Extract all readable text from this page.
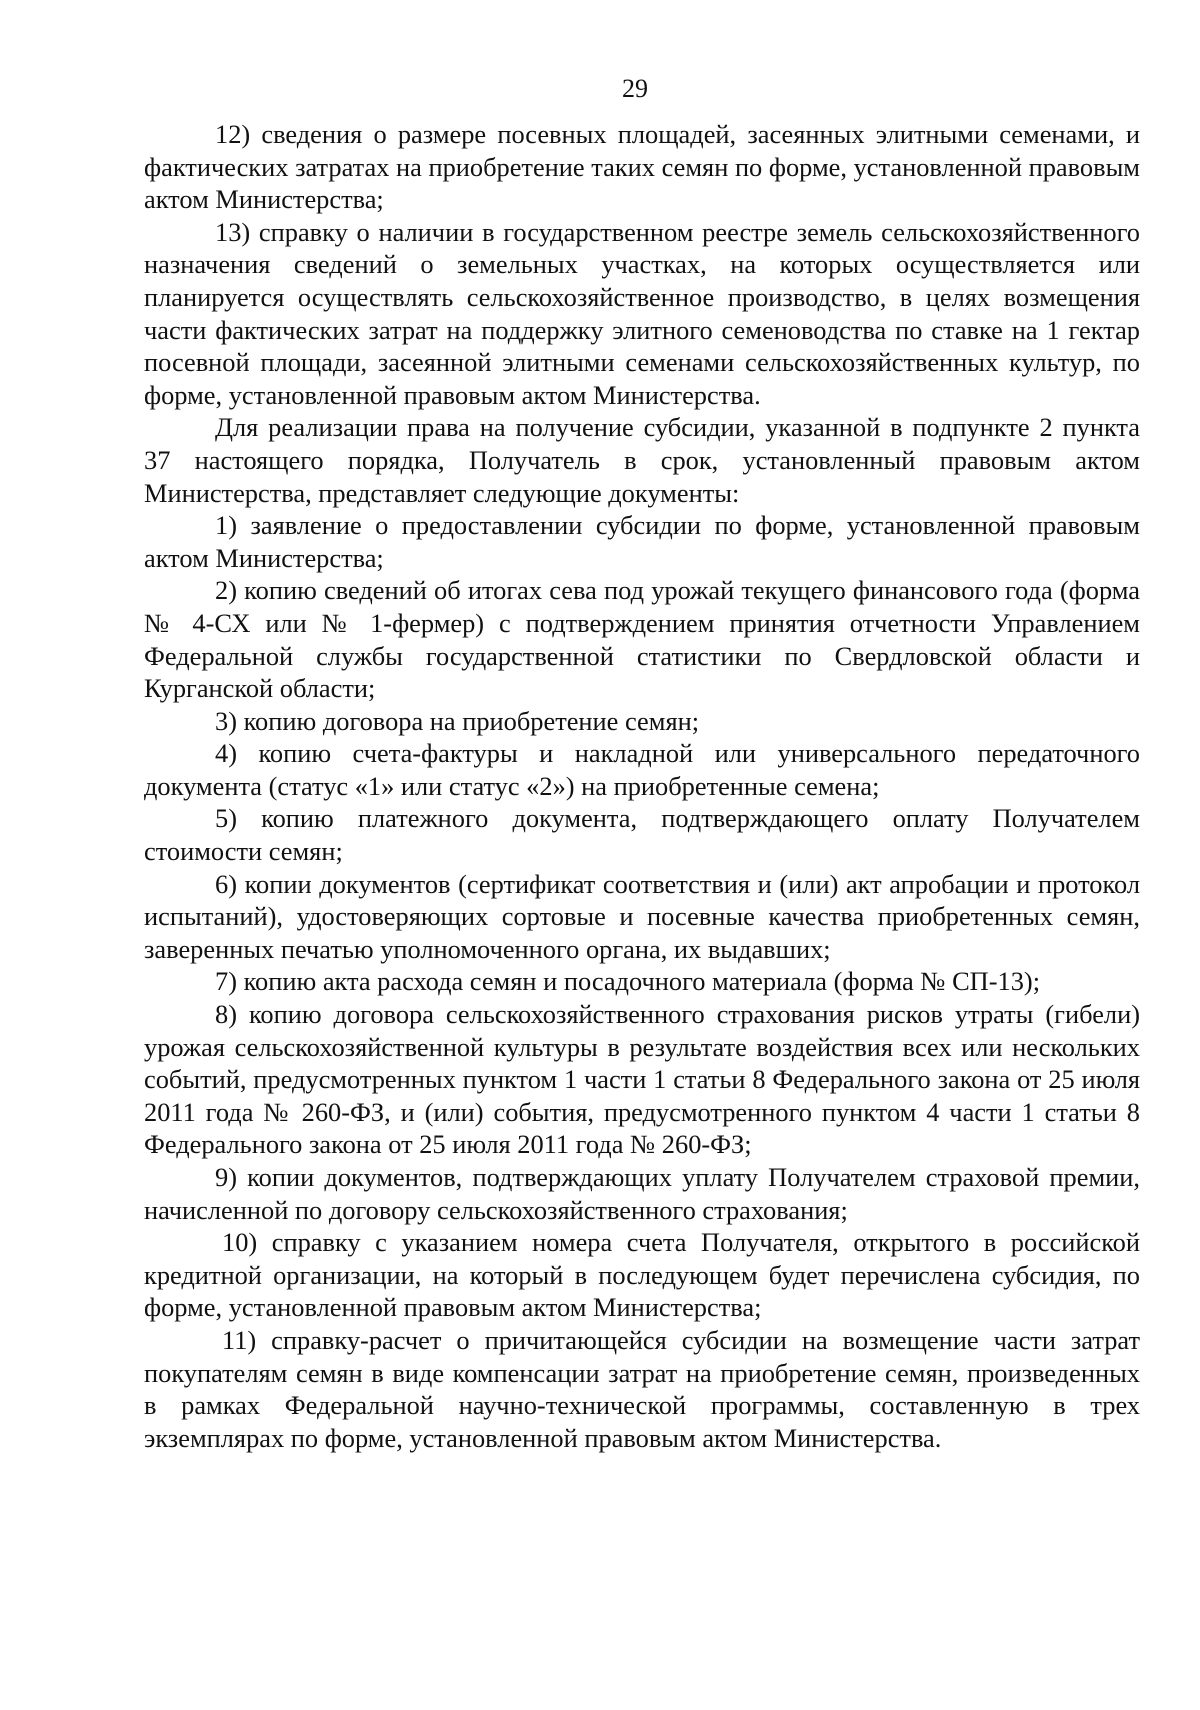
29

12) сведения о размере посевных площадей, засеянных элитными семенами, и фактических затратах на приобретение таких семян по форме, установленной правовым актом Министерства;

13) справку о наличии в государственном реестре земель сельскохозяйственного назначения сведений о земельных участках, на которых осуществляется или планируется осуществлять сельскохозяйственное производство, в целях возмещения части фактических затрат на поддержку элитного семеноводства по ставке на 1 гектар посевной площади, засеянной элитными семенами сельскохозяйственных культур, по форме, установленной правовым актом Министерства.

Для реализации права на получение субсидии, указанной в подпункте 2 пункта 37 настоящего порядка, Получатель в срок, установленный правовым актом Министерства, представляет следующие документы:

1) заявление о предоставлении субсидии по форме, установленной правовым актом Министерства;

2) копию сведений об итогах сева под урожай текущего финансового года (форма № 4-СХ или № 1-фермер) с подтверждением принятия отчетности Управлением Федеральной службы государственной статистики по Свердловской области и Курганской области;

3) копию договора на приобретение семян;

4) копию счета-фактуры и накладной или универсального передаточного документа (статус «1» или статус «2») на приобретенные семена;

5) копию платежного документа, подтверждающего оплату Получателем стоимости семян;

6) копии документов (сертификат соответствия и (или) акт апробации и протокол испытаний), удостоверяющих сортовые и посевные качества приобретенных семян, заверенных печатью уполномоченного органа, их выдавших;

7) копию акта расхода семян и посадочного материала (форма № СП-13);

8) копию договора сельскохозяйственного страхования рисков утраты (гибели) урожая сельскохозяйственной культуры в результате воздействия всех или нескольких событий, предусмотренных пунктом 1 части 1 статьи 8 Федерального закона от 25 июля 2011 года № 260-ФЗ, и (или) события, предусмотренного пунктом 4 части 1 статьи 8 Федерального закона от 25 июля 2011 года № 260-ФЗ;

9) копии документов, подтверждающих уплату Получателем страховой премии, начисленной по договору сельскохозяйственного страхования;

10) справку с указанием номера счета Получателя, открытого в российской кредитной организации, на который в последующем будет перечислена субсидия, по форме, установленной правовым актом Министерства;

11) справку-расчет о причитающейся субсидии на возмещение части затрат покупателям семян в виде компенсации затрат на приобретение семян, произведенных в рамках Федеральной научно-технической программы, составленную в трех экземплярах по форме, установленной правовым актом Министерства.
